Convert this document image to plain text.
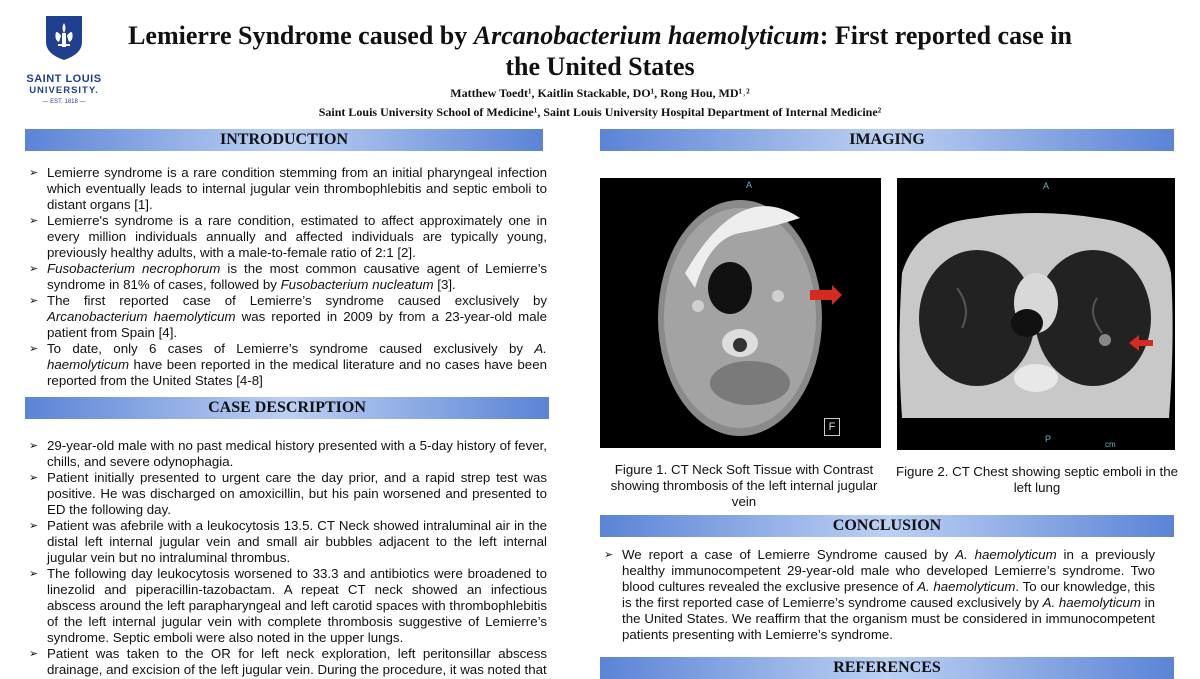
SAINT LOUIS
UNIVERSITY.
— EST. 1818 —
Lemierre Syndrome caused by Arcanobacterium haemolyticum: First reported case in the United States
Matthew Toedt¹, Kaitlin Stackable, DO¹, Rong Hou, MD¹˒²
Saint Louis University School of Medicine¹, Saint Louis University Hospital Department of Internal Medicine²
INTRODUCTION
➢ Lemierre syndrome is a rare condition stemming from an initial pharyngeal infection which eventually leads to internal jugular vein thrombophlebitis and septic emboli to distant organs [1].
➢ Lemierre's syndrome is a rare condition, estimated to affect approximately one in every million individuals annually and affected individuals are typically young, previously healthy adults, with a male-to-female ratio of 2:1 [2].
➢ Fusobacterium necrophorum is the most common causative agent of Lemierre’s syndrome in 81% of cases, followed by Fusobacterium nucleatum [3].
➢ The first reported case of Lemierre’s syndrome caused exclusively by Arcanobacterium haemolyticum was reported in 2009 by from a 23-year-old male patient from Spain [4].
➢ To date, only 6 cases of Lemierre’s syndrome caused exclusively by A. haemolyticum have been reported in the medical literature and no cases have been reported from the United States [4-8]
CASE DESCRIPTION
➢ 29-year-old male with no past medical history presented with a 5-day history of fever, chills, and severe odynophagia.
➢ Patient initially presented to urgent care the day prior, and a rapid strep test was positive. He was discharged on amoxicillin, but his pain worsened and presented to ED the following day.
➢ Patient was afebrile with a leukocytosis 13.5. CT Neck showed intraluminal air in the distal left internal jugular vein and small air bubbles adjacent to the left internal jugular vein but no intraluminal thrombus.
➢ The following day leukocytosis worsened to 33.3 and antibiotics were broadened to linezolid and piperacillin-tazobactam. A repeat CT neck showed an infectious abscess around the left parapharyngeal and left carotid spaces with thrombophlebitis of the left internal jugular vein with complete thrombosis suggestive of Lemierre’s syndrome. Septic emboli were also noted in the upper lungs.
➢ Patient was taken to the OR for left neck exploration, left peritonsillar abscess drainage, and excision of the left jugular vein. During the procedure, it was noted that
IMAGING
A
F
Figure 1. CT Neck Soft Tissue with Contrast showing thrombosis of the left internal jugular vein
A
P
cm
Figure 2. CT Chest showing septic emboli in the left lung
CONCLUSION
➢ We report a case of Lemierre Syndrome caused by A. haemolyticum in a previously healthy immunocompetent 29-year-old male who developed Lemierre’s syndrome. Two blood cultures revealed the exclusive presence of A. haemolyticum. To our knowledge, this is the first reported case of Lemierre’s syndrome caused exclusively by A. haemolyticum in the United States. We reaffirm that the organism must be considered in immunocompetent patients presenting with Lemierre’s syndrome.
REFERENCES
